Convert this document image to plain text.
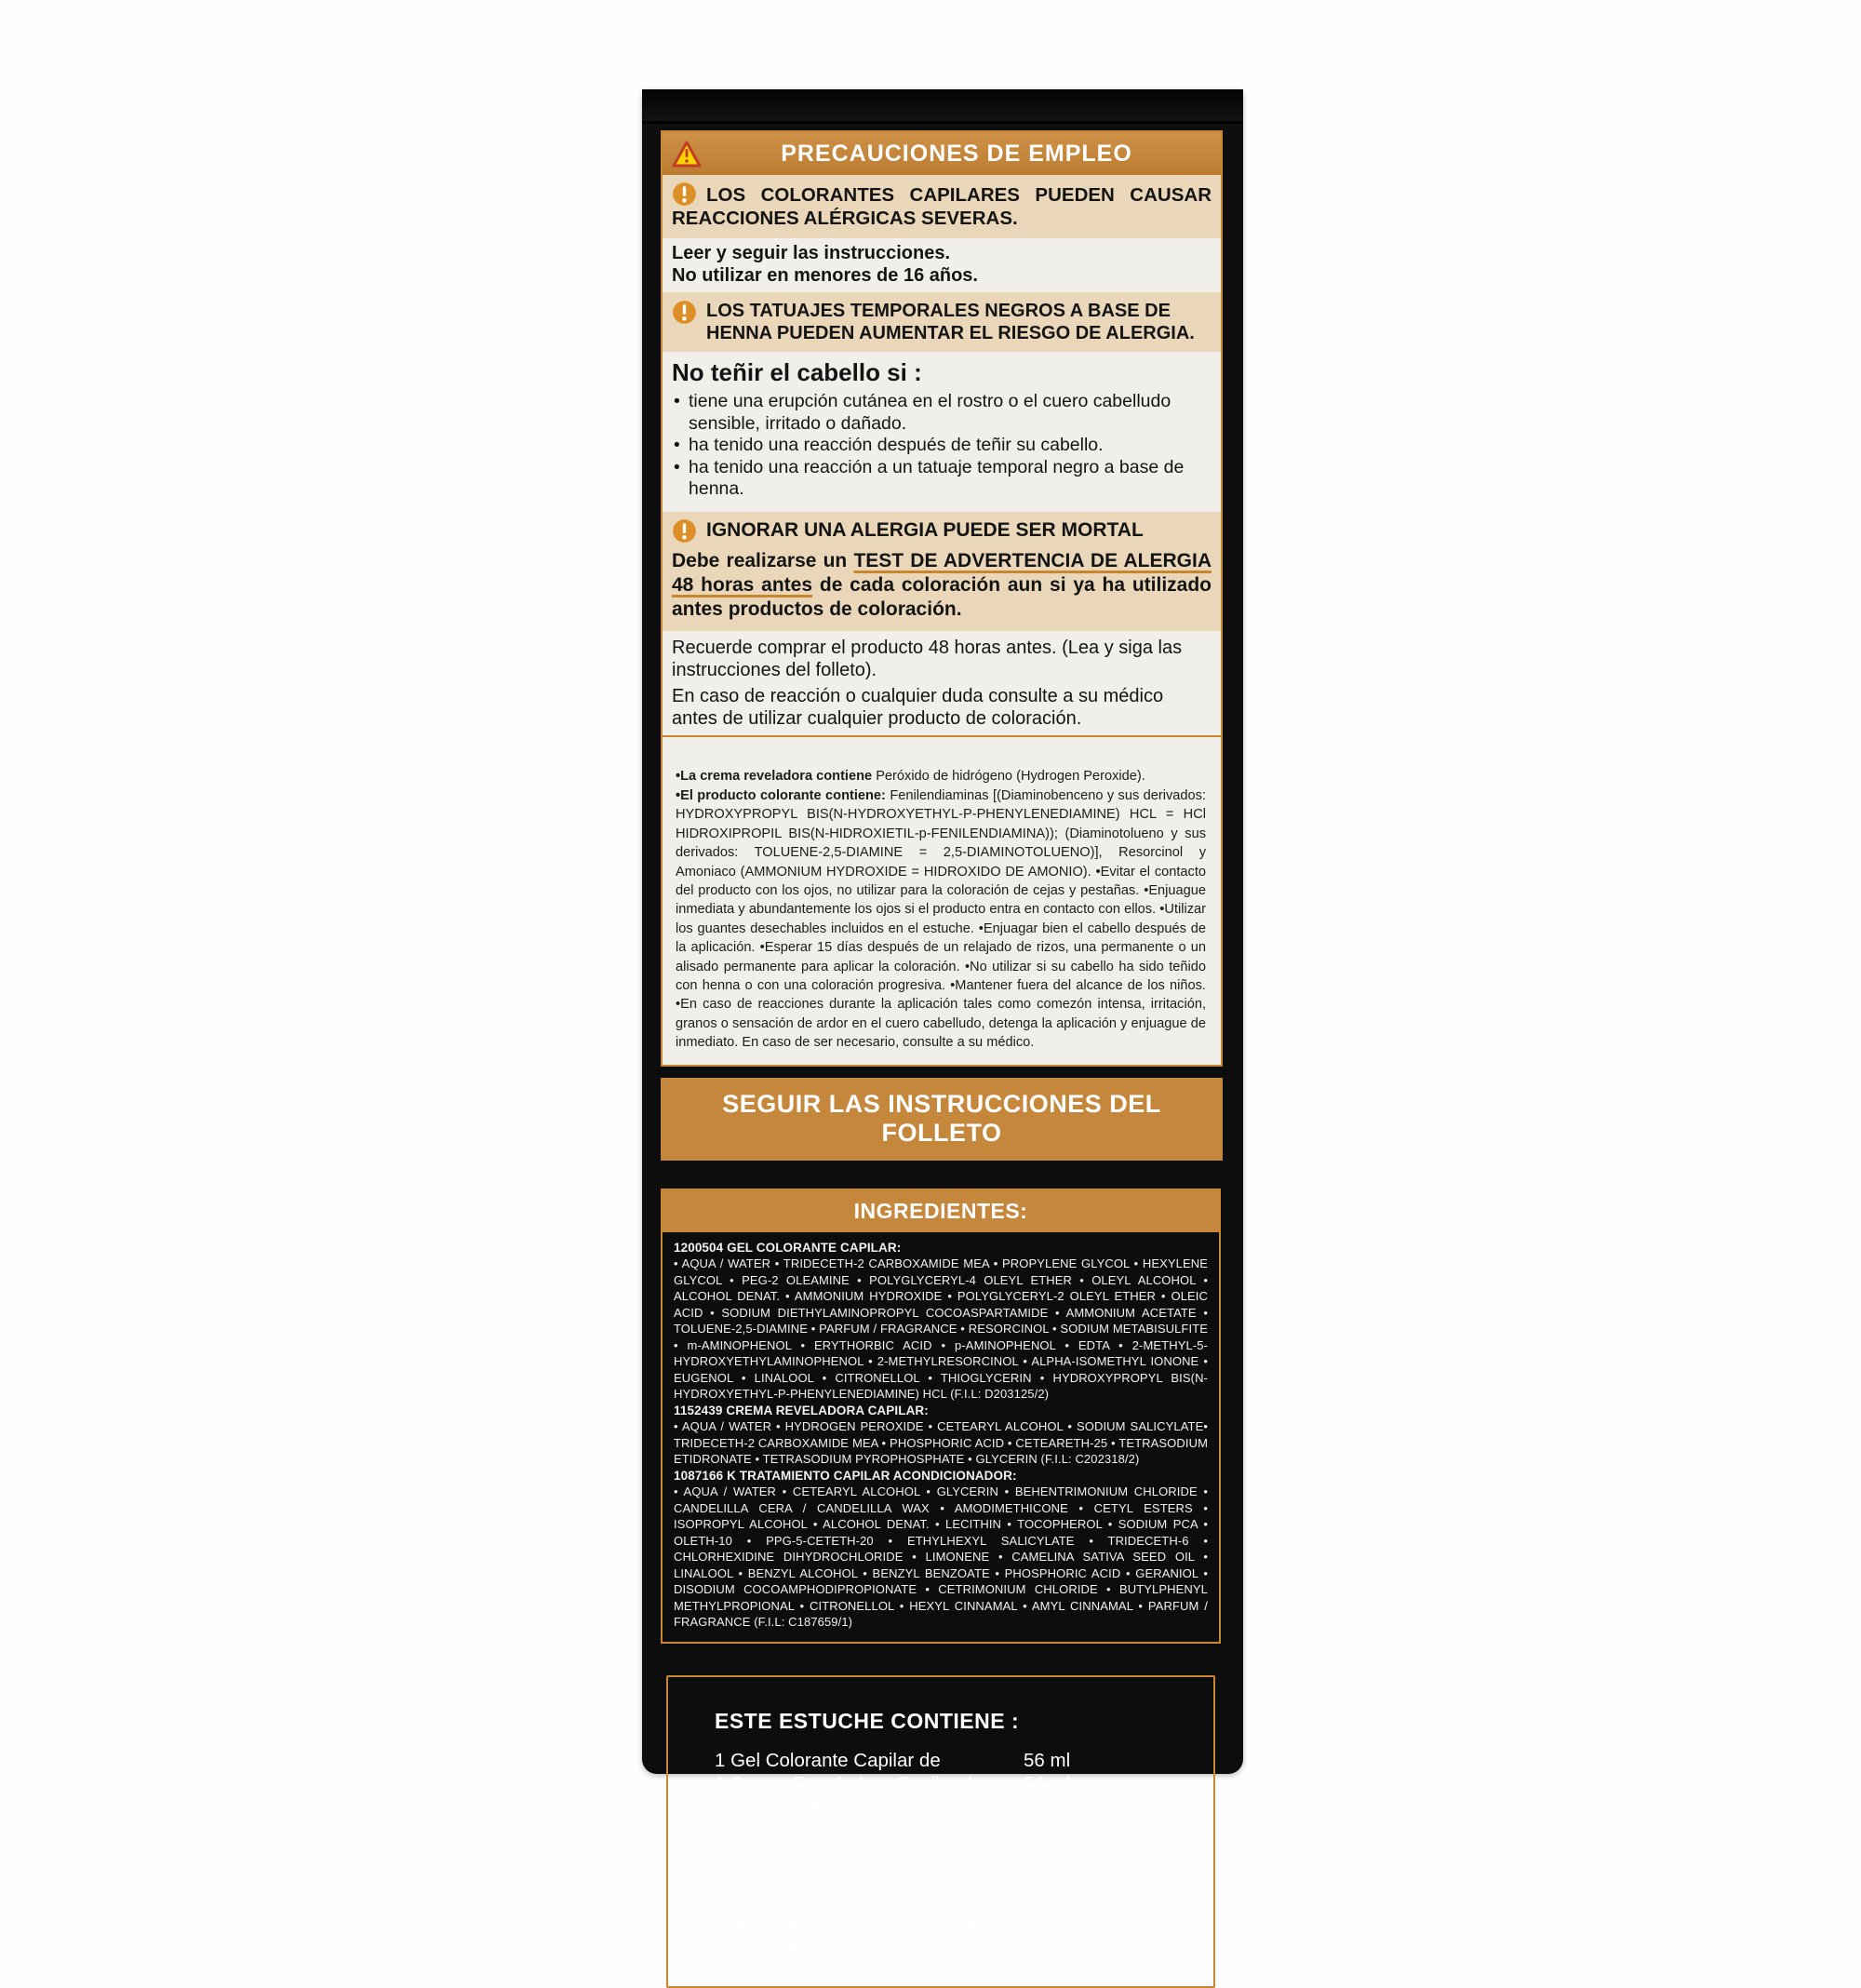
PRECAUCIONES DE EMPLEO
LOS COLORANTES CAPILARES PUEDEN CAUSAR REACCIONES ALÉRGICAS SEVERAS.

Leer y seguir las instrucciones.

No utilizar en menores de 16 años.

LOS TATUAJES TEMPORALES NEGROS A BASE DE HENNA PUEDEN AUMENTAR EL RIESGO DE ALERGIA.
No teñir el cabello si :
• tiene una erupción cutánea en el rostro o el cuero cabelludo sensible, irritado o dañado.
• ha tenido una reacción después de teñir su cabello.
• ha tenido una reacción a un tatuaje temporal negro a base de henna.
IGNORAR UNA ALERGIA PUEDE SER MORTAL

Debe realizarse un TEST DE ADVERTENCIA DE ALERGIA 48 horas antes de cada coloración aun si ya ha utilizado antes productos de coloración.

Recuerde comprar el producto 48 horas antes. (Lea y siga las instrucciones del folleto).

En caso de reacción o cualquier duda consulte a su médico antes de utilizar cualquier producto de coloración.

•La crema reveladora contiene Peróxido de hidrógeno (Hydrogen Peroxide).

•El producto colorante contiene: Fenilendiaminas [(Diaminobenceno y sus derivados: HYDROXYPROPYL BIS(N-HYDROXYETHYL-P-PHENYLENEDIAMINE) HCL = HCl HIDROXIPROPIL BIS(N-HIDROXIETIL-p-FENILENDIAMINA)); (Diaminotolueno y sus derivados: TOLUENE-2,5-DIAMINE = 2,5-DIAMINOTOLUENO)], Resorcinol y Amoniaco (AMMONIUM HYDROXIDE = HIDROXIDO DE AMONIO). •Evitar el contacto del producto con los ojos, no utilizar para la coloración de cejas y pestañas. •Enjuague inmediata y abundantemente los ojos si el producto entra en contacto con ellos. •Utilizar los guantes desechables incluidos en el estuche. •Enjuagar bien el cabello después de la aplicación. •Esperar 15 días después de un relajado de rizos, una permanente o un alisado permanente para aplicar la coloración. •No utilizar si su cabello ha sido teñido con henna o con una coloración progresiva. •Mantener fuera del alcance de los niños. •En caso de reacciones durante la aplicación tales como comezón intensa, irritación, granos o sensación de ardor en el cuero cabelludo, detenga la aplicación y enjuague de inmediato. En caso de ser necesario, consulte a su médico.

SEGUIR LAS INSTRUCCIONES DEL FOLLETO
INGREDIENTES:
1200504 GEL COLORANTE CAPILAR:
• AQUA / WATER • TRIDECETH-2 CARBOXAMIDE MEA • PROPYLENE GLYCOL • HEXYLENE GLYCOL • PEG-2 OLEAMINE • POLYGLYCERYL-4 OLEYL ETHER • OLEYL ALCOHOL • ALCOHOL DENAT. • AMMONIUM HYDROXIDE • POLYGLYCERYL-2 OLEYL ETHER • OLEIC ACID • SODIUM DIETHYLAMINOPROPYL COCOASPARTAMIDE • AMMONIUM ACETATE • TOLUENE-2,5-DIAMINE • PARFUM / FRAGRANCE • RESORCINOL • SODIUM METABISULFITE • m-AMINOPHENOL • ERYTHORBIC ACID • p-AMINOPHENOL • EDTA • 2-METHYL-5-HYDROXYETHYLAMINOPHENOL • 2-METHYLRESORCINOL • ALPHA-ISOMETHYL IONONE • EUGENOL • LINALOOL • CITRONELLOL • THIOGLYCERIN • HYDROXYPROPYL BIS(N-HYDROXYETHYL-P-PHENYLENEDIAMINE) HCL (F.I.L: D203125/2)
1152439 CREMA REVELADORA CAPILAR:
• AQUA / WATER • HYDROGEN PEROXIDE • CETEARYL ALCOHOL • SODIUM SALICYLATE• TRIDECETH-2 CARBOXAMIDE MEA • PHOSPHORIC ACID • CETEARETH-25 • TETRASODIUM ETIDRONATE • TETRASODIUM PYROPHOSPHATE • GLYCERIN (F.I.L: C202318/2)
1087166 K TRATAMIENTO CAPILAR ACONDICIONADOR:
• AQUA / WATER • CETEARYL ALCOHOL • GLYCERIN • BEHENTRIMONIUM CHLORIDE • CANDELILLA CERA / CANDELILLA WAX • AMODIMETHICONE • CETYL ESTERS • ISOPROPYL ALCOHOL • ALCOHOL DENAT. • LECITHIN • TOCOPHEROL • SODIUM PCA • OLETH-10 • PPG-5-CETETH-20 • ETHYLHEXYL SALICYLATE • TRIDECETH-6 • CHLORHEXIDINE DIHYDROCHLORIDE • LIMONENE • CAMELINA SATIVA SEED OIL • LINALOOL • BENZYL ALCOHOL • BENZYL BENZOATE • PHOSPHORIC ACID • GERANIOL • DISODIUM COCOAMPHODIPROPIONATE • CETRIMONIUM CHLORIDE • BUTYLPHENYL METHYLPROPIONAL • CITRONELLOL • HEXYL CINNAMAL • AMYL CINNAMAL • PARFUM / FRAGRANCE (F.I.L: C187659/1)
ESTE ESTUCHE CONTIENE :
1 Gel Colorante Capilar de	56 ml
1 Crema Reveladora Capilar de 56 ml
1 Tratamiento Capilar Acondicionador de
55 ml

Hechos en México por: L'ORÉAL SLP S.A DE C.V.

Hecho para: FRABEL S.A. DE C.V. Félix Cuevas N°6,

Col. Tlacoquemécatl del Valle, Ciudad de México C.P. 03200.

1 Instructivo de uso y un par de guantes.

NO ETIQUETADO PARA SU VENTA INDIVIDUAL
